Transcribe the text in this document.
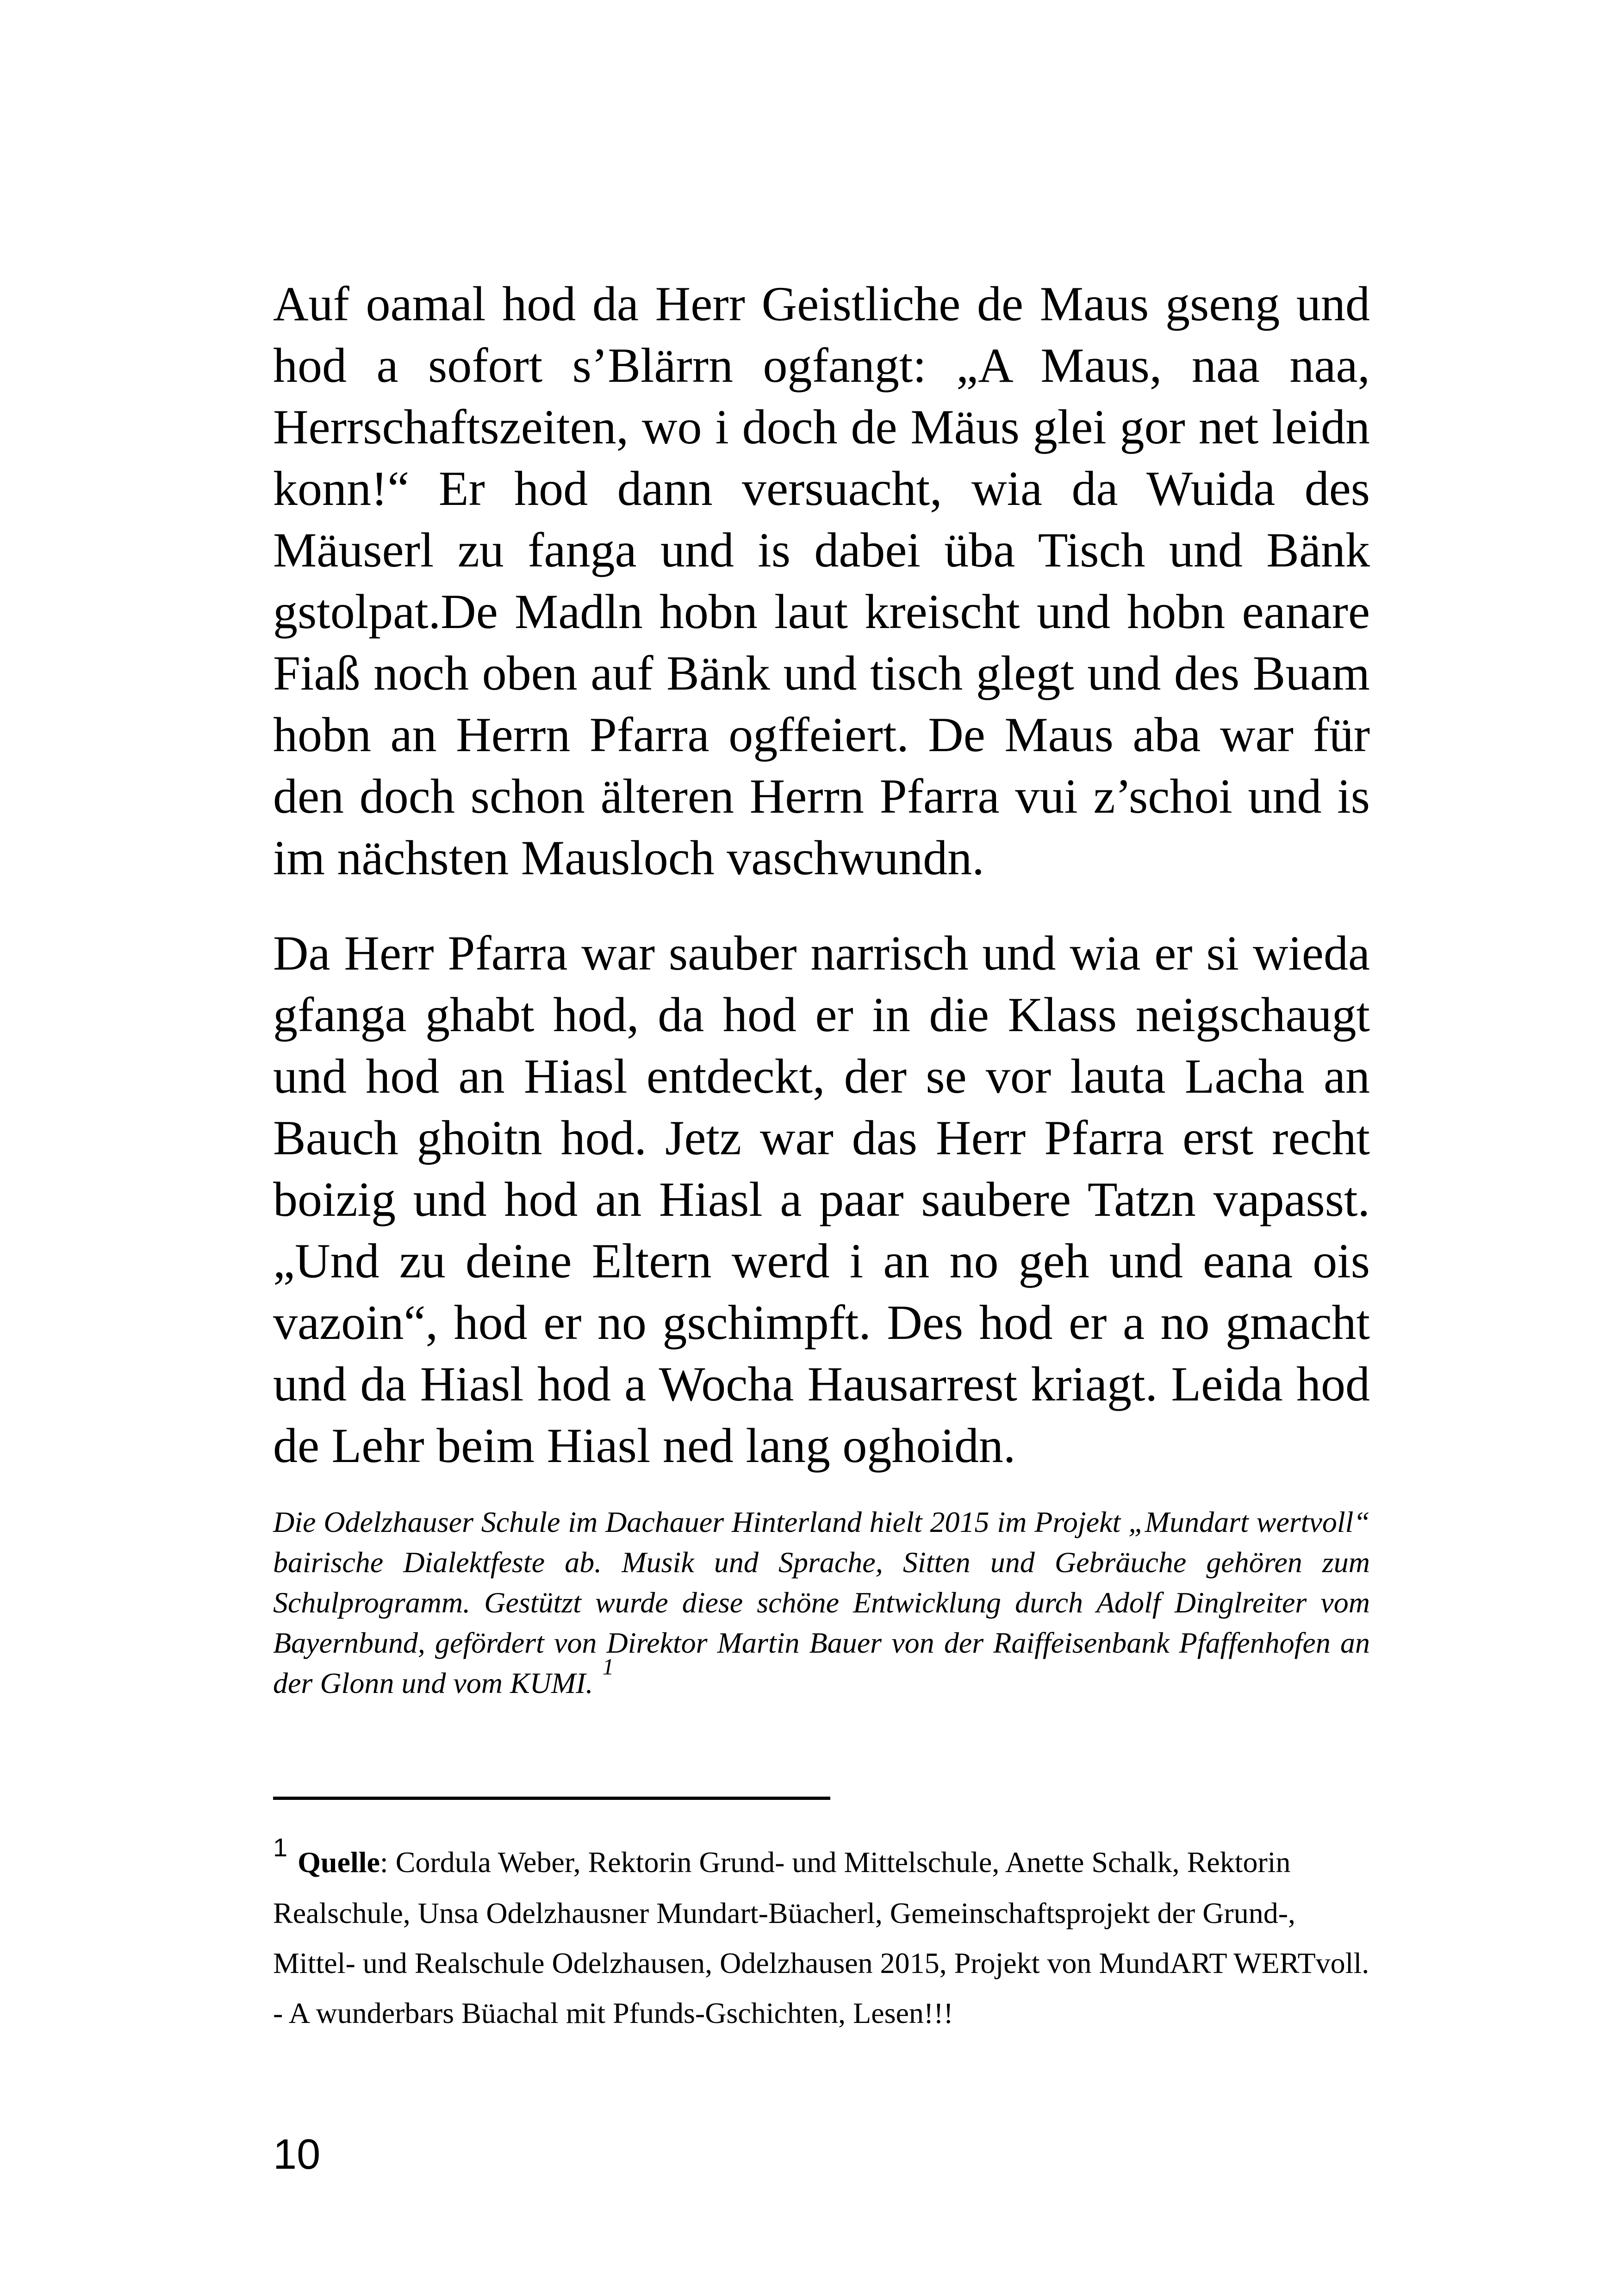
Auf oamal hod da Herr Geistliche de Maus gseng und hod a sofort s’Blärrn ogfangt: „A Maus, naa naa, Herrschaftszeiten, wo i doch de Mäus glei gor net leidn konn!“ Er hod dann versuacht, wia da Wuida des Mäuserl zu fanga und is dabei üba Tisch und Bänk gstolpat.De Madln hobn laut kreischt und hobn eanare Fiaß noch oben auf Bänk und tisch glegt und des Buam hobn an Herrn Pfarra ogffeiert. De Maus aba war für den doch schon älteren Herrn Pfarra vui z’schoi und is im nächsten Mausloch vaschwundn.

Da Herr Pfarra war sauber narrisch und wia er si wieda gfanga ghabt hod, da hod er in die Klass neigschaugt und hod an Hiasl entdeckt, der se vor lauta Lacha an Bauch ghoitn hod. Jetz war das Herr Pfarra erst recht boizig und hod an Hiasl a paar saubere Tatzn vapasst. „Und zu deine Eltern werd i an no geh und eana ois vazoin“, hod er no gschimpft. Des hod er a no gmacht und da Hiasl hod a Wocha Hausarrest kriagt. Leida hod de Lehr beim Hiasl ned lang oghoidn.

Die Odelzhauser Schule im Dachauer Hinterland hielt 2015 im Projekt „Mundart wertvoll“ bairische Dialektfeste ab. Musik und Sprache, Sitten und Gebräuche gehören zum Schulprogramm. Gestützt wurde diese schöne Entwicklung durch Adolf Dinglreiter vom Bayernbund, gefördert von Direktor Martin Bauer von der Raiffeisenbank Pfaffenhofen an der Glonn und vom KUMI. $^1$

1 Quelle: Cordula Weber, Rektorin Grund- und Mittelschule, Anette Schalk, Rektorin Realschule, Unsa Odelzhausner Mundart-Büacherl, Gemeinschaftsprojekt der Grund-, Mittel- und Realschule Odelzhausen, Odelzhausen 2015, Projekt von MundART WERTvoll. - A wunderbars Büachal mit Pfunds-Gschichten, Lesen!!!

10
